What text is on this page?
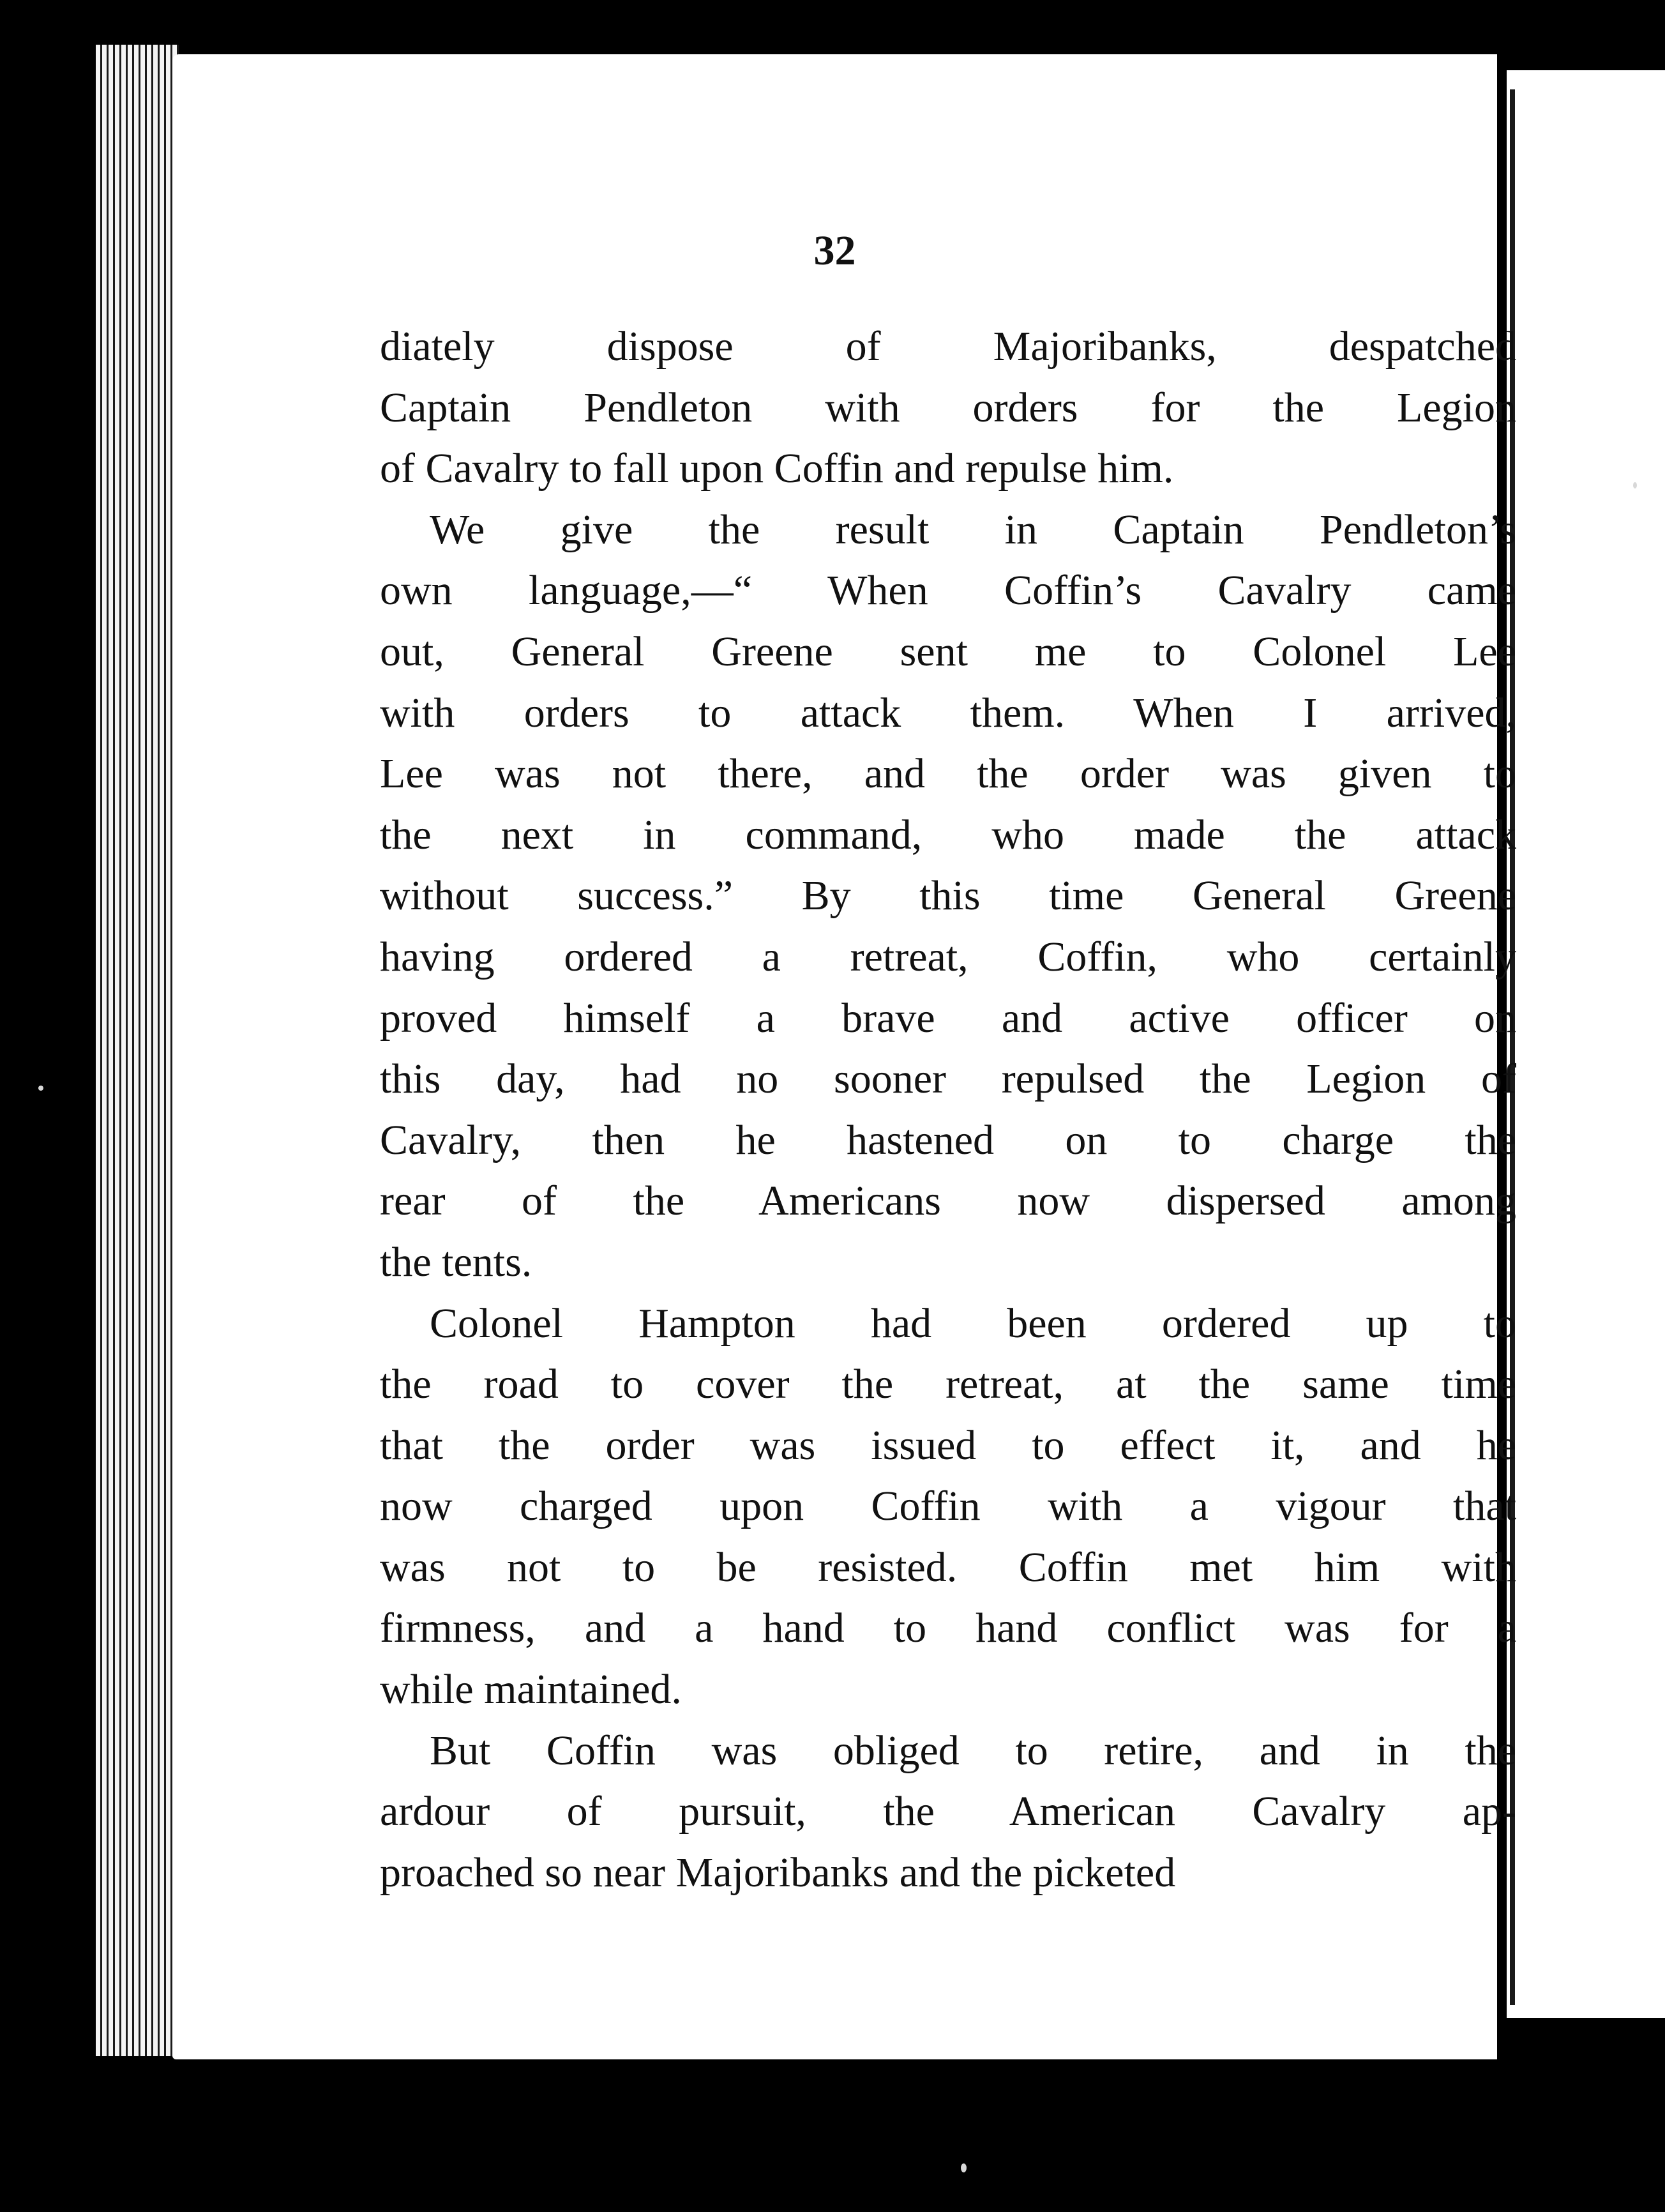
32

diately dispose of Majoribanks, despatched
Captain Pendleton with orders for the Legion
of Cavalry to fall upon Coffin and repulse him.
We give the result in Captain Pendleton’s
own language,—“ When Coffin’s Cavalry came
out, General Greene sent me to Colonel Lee
with orders to attack them. When I arrived,
Lee was not there, and the order was given to
the next in command, who made the attack
without success.” By this time General Greene
having ordered a retreat, Coffin, who certainly
proved himself a brave and active officer on
this day, had no sooner repulsed the Legion of
Cavalry, then he hastened on to charge the
rear of the Americans now dispersed among
the tents.
Colonel Hampton had been ordered up to
the road to cover the retreat, at the same time
that the order was issued to effect it, and he
now charged upon Coffin with a vigour that
was not to be resisted. Coffin met him with
firmness, and a hand to hand conflict was for a
while maintained.
But Coffin was obliged to retire, and in the
ardour of pursuit, the American Cavalry ap-
proached so near Majoribanks and the picketed
